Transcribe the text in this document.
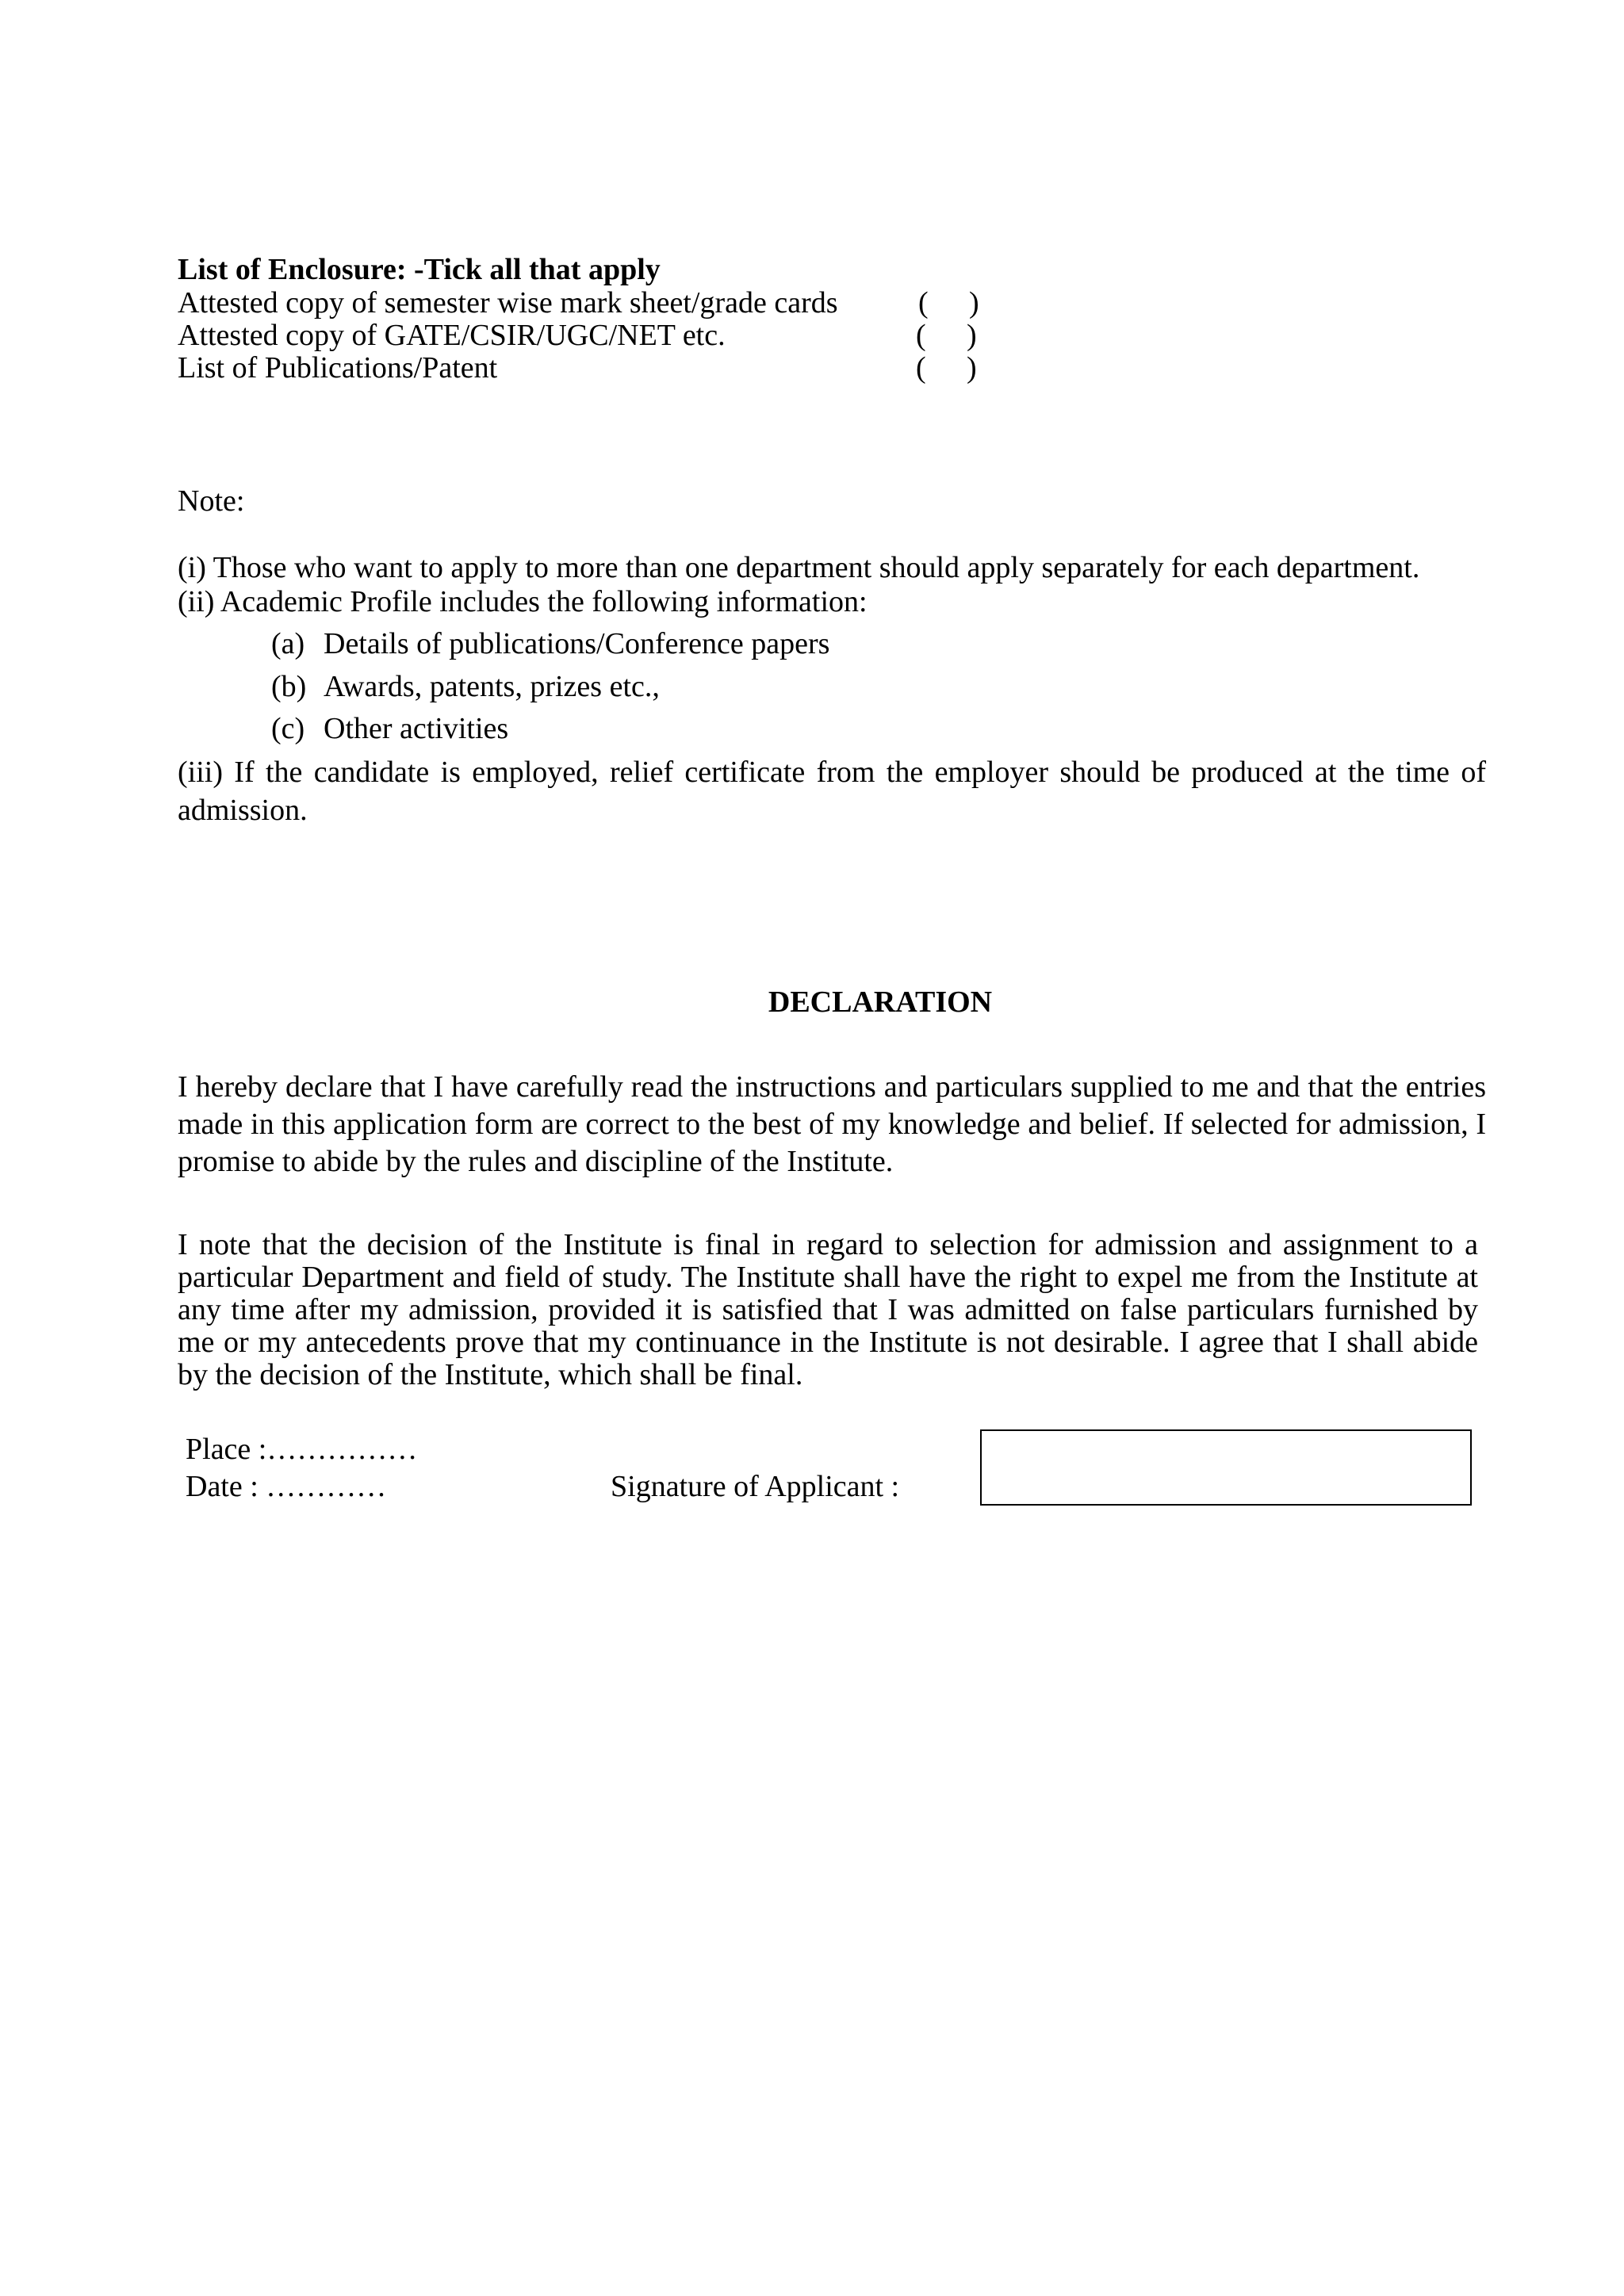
List of Enclosure: -Tick all that apply
Attested copy of semester wise mark sheet/grade cards	( )
Attested copy of GATE/CSIR/UGC/NET etc.	( )
List of Publications/Patent	( )
Note:
(i) Those who want to apply to more than one department should apply separately for each department.
(ii) Academic Profile includes the following information:
(a) Details of publications/Conference papers
(b) Awards, patents, prizes etc.,
(c) Other activities
(iii) If the candidate is employed, relief certificate from the employer should be produced at the time of admission.
DECLARATION
I hereby declare that I have carefully read the instructions and particulars supplied to me and that the entries made in this application form are correct to the best of my knowledge and belief. If selected for admission, I promise to abide by the rules and discipline of the Institute.
I note that the decision of the Institute is final in regard to selection for admission and assignment to a particular Department and field of study. The Institute shall have the right to expel me from the Institute at any time after my admission, provided it is satisfied that I was admitted on false particulars furnished by me or my antecedents prove that my continuance in the Institute is not desirable. I agree that I shall abide by the decision of the Institute, which shall be final.
Place :……………
Date : …………	Signature of Applicant :
